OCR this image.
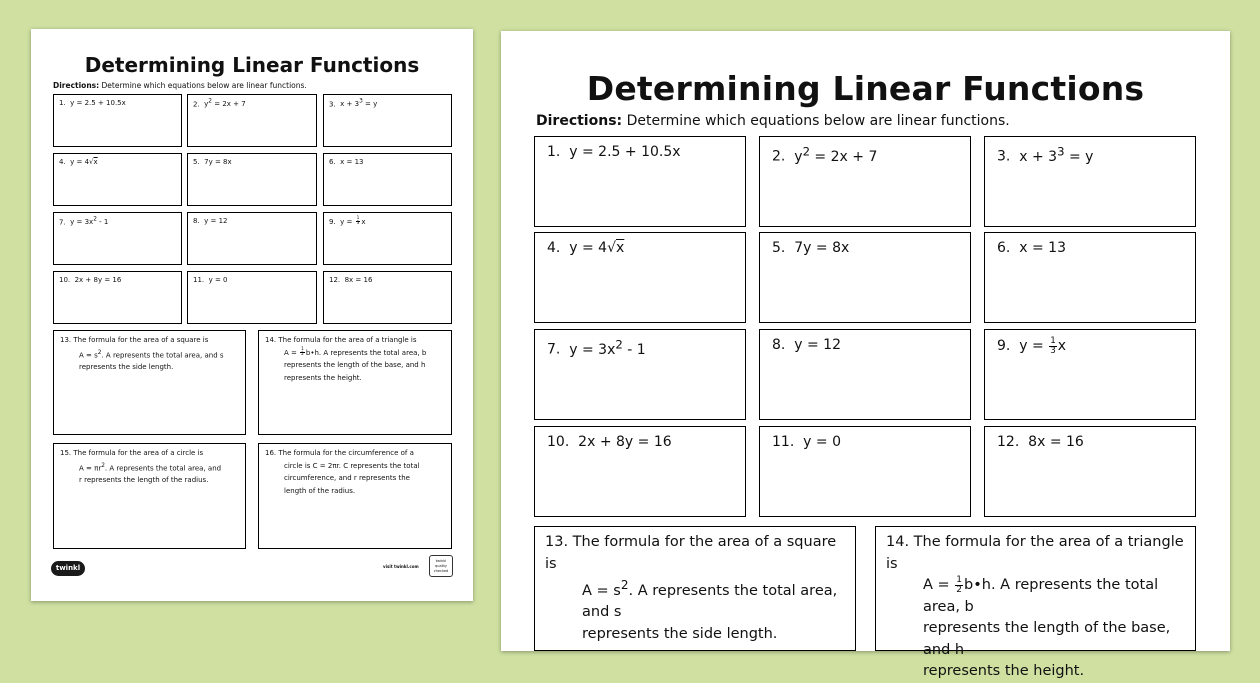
Determining Linear Functions
Directions: Determine which equations below are linear functions.
1. y = 2.5 + 10.5x	2. $y^2 = 2x + 7$	3. $x + 3^3 = y$
4. y = 4√x	5. 7y = 8x	6. x = 13
7. $y = 3x^2 - 1$	8. y = 12	9. $y = \frac{1}{3}$ x
10. 2x + 8y = 16	11. y = 0	12. 8x = 16
13. The formula for the area of a square is
$A = s^2$. A represents the total area, and s
represents the side length.
14. The formula for the area of a triangle is
$A = \frac{1}{2}$ b•h. A represents the total area, b
represents the length of the base, and h
represents the height.
15. The formula for the area of a circle is
$A = \pi r^2$. A represents the total area, and
r represents the length of the radius.
16. The formula for the circumference of a
circle is C = 2πr. C represents the total
circumference, and r represents the
length of the radius.
twinkl	visit twinkl.com
twinkl
quality
checked
Determining Linear Functions
Directions: Determine which equations below are linear functions.
1. y = 2.5 + 10.5x	2. $y^2 = 2x + 7$	3. $x + 3^3 = y$
4. y = 4√x	5. 7y = 8x	6. x = 13
7. $y = 3x^2 - 1$	8. y = 12	9. $y = \frac{1}{3}$ x
10. 2x + 8y = 16	11. y = 0	12. 8x = 16
13. The formula for the area of a square is
$A = s^2$. A represents the total area, and s
represents the side length.
14. The formula for the area of a triangle is
$A = \frac{1}{2}$ b•h. A represents the total area, b
represents the length of the base, and h
represents the height.
